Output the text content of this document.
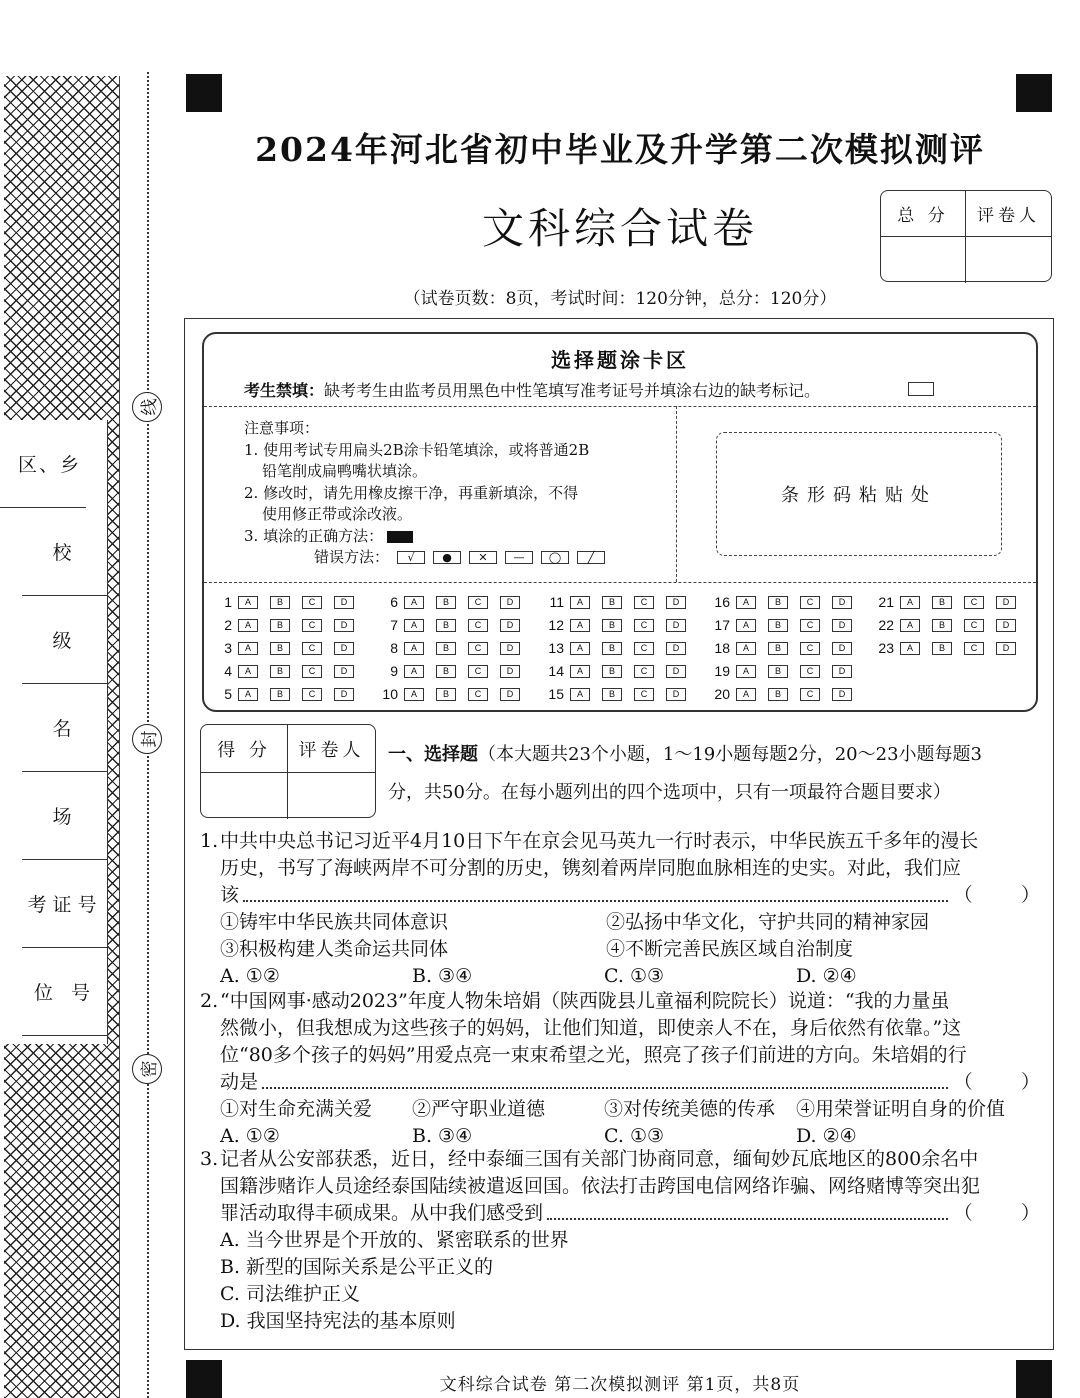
区、乡
校
级
名
场
考证号
位 号
线
封
密
2024年河北省初中毕业及升学第二次模拟测评
文科综合试卷	总 分	评卷人
（试卷页数：8页，考试时间：120分钟，总分：120分）
选择题涂卡区
考生禁填：缺考考生由监考员用黑色中性笔填写准考证号并填涂右边的缺考标记。
注意事项：
1. 使用考试专用扁头2B涂卡铅笔填涂，或将普通2B
铅笔削成扁鸭嘴状填涂。
2. 修改时，请先用橡皮擦干净，再重新填涂，不得
使用修正带或涂改液。
3. 填涂的正确方法：
错误方法：	√	●	✕	—	◯	╱
条形码粘贴处
1	A	B	C	D
2	A	B	C	D
3	A	B	C	D
4	A	B	C	D
5	A	B	C	D
6	A	B	C	D
7	A	B	C	D
8	A	B	C	D
9	A	B	C	D
10	A	B	C	D
11	A	B	C	D
12	A	B	C	D
13	A	B	C	D
14	A	B	C	D
15	A	B	C	D
16	A	B	C	D
17	A	B	C	D
18	A	B	C	D
19	A	B	C	D
20	A	B	C	D
21	A	B	C	D
22	A	B	C	D
23	A	B	C	D
得 分	评卷人	一、选择题（本大题共23个小题，1～19小题每题2分，20～23小题每题3
分，共50分。在每小题列出的四个选项中，只有一项最符合题目要求）
1.中共中央总书记习近平4月10日下午在京会见马英九一行时表示，中华民族五千多年的漫长
历史，书写了海峡两岸不可分割的历史，镌刻着两岸同胞血脉相连的史实。对此，我们应
该	（        ）
①铸牢中华民族共同体意识	②弘扬中华文化，守护共同的精神家园
③积极构建人类命运共同体	④不断完善民族区域自治制度
A. ①②	B. ③④	C. ①③	D. ②④
2.“中国网事·感动2023”年度人物朱培娟（陕西陇县儿童福利院院长）说道：“我的力量虽
然微小，但我想成为这些孩子的妈妈，让他们知道，即使亲人不在，身后依然有依靠。”这
位“80多个孩子的妈妈”用爱点亮一束束希望之光，照亮了孩子们前进的方向。朱培娟的行
动是	（        ）
①对生命充满关爱	②严守职业道德	③对传统美德的传承	④用荣誉证明自身的价值
A. ①②	B. ③④	C. ①③	D. ②④
3.记者从公安部获悉，近日，经中泰缅三国有关部门协商同意，缅甸妙瓦底地区的800余名中
国籍涉赌诈人员途经泰国陆续被遣返回国。依法打击跨国电信网络诈骗、网络赌博等突出犯
罪活动取得丰硕成果。从中我们感受到	（        ）
A. 当今世界是个开放的、紧密联系的世界
B. 新型的国际关系是公平正义的
C. 司法维护正义
D. 我国坚持宪法的基本原则
文科综合试卷 第二次模拟测评 第1页，共8页
